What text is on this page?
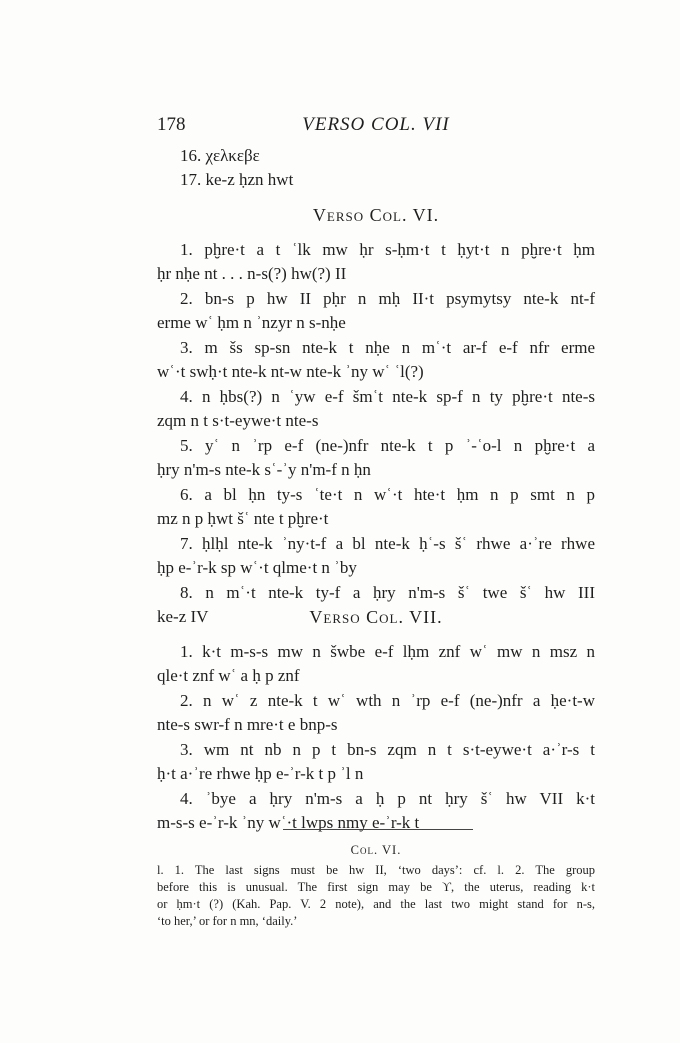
178	VERSO COL. VII
16. χελκεβε
17. ke-z ḥzn hwt
Verso Col. VI.
1. pḫre·t a t ʿlk mw ḥr s-ḥm·t t ḥyt·t n pḫre·t ḥm
ḥr nḥe nt . . . n-s(?) hw(?) II
2. bn-s p hw II pḥr n mḥ II·t psymytsy nte-k nt-f
erme wʿ ḥm n ʾnzyr n s-nḥe
3. m šs sp-sn nte-k t nḥe n mʿ·t ar-f e-f nfr erme
wʿ·t swḥ·t nte-k nt-w nte-k ʾny wʿ ʿl(?)
4. n ḥbs(?) n ʿyw e-f šmʿt nte-k sp-f n ty pḫre·t nte-s
zqm n t s·t-eywe·t nte-s
5. yʿ n ʾrp e-f (ne-)nfr nte-k t p ʾ-ʿo-l n pḫre·t a
ḥry n'm-s nte-k sʿ-ʾy n'm-f n ḥn
6. a bl ḥn ty-s ʿte·t n wʿ·t hte·t ḥm n p smt n p
mz n p ḥwt šʿ nte t pḫre·t
7. ḥlḥl nte-k ʾny·t-f a bl nte-k ḥʿ-s šʿ rhwe a·ʾre rhwe
ḥp e-ʾr-k sp wʿ·t qlme·t n ʾby
8. n mʿ·t nte-k ty-f a ḥry n'm-s šʿ twe šʿ hw III
ke-z IV	Verso Col. VII.
1. k·t m-s-s mw n šwbe e-f lḥm znf wʿ mw n msz n
qle·t znf wʿ a ḥ p znf
2. n wʿ z nte-k t wʿ wth n ʾrp e-f (ne-)nfr a ḥe·t-w
nte-s swr-f n mre·t e bnp-s
3. wm nt nb n p t bn-s zqm n t s·t-eywe·t a·ʾr-s t
ḥ·t a·ʾre rhwe ḥp e-ʾr-k t p ʾl n
4. ʾbye a ḥry n'm-s a ḥ p nt ḥry šʿ hw VII k·t
m-s-s e-ʾr-k ʾny wʿ·t lwps nmy e-ʾr-k t
Col. VI.
l. 1. The last signs must be hw II, ‘two days’: cf. l. 2. The group
before this is unusual. The first sign may be ϒ, the uterus, reading k·t
or ḥm·t (?) (Kah. Pap. V. 2 note), and the last two might stand for n-s,
‘to her,’ or for n mn, ‘daily.’
